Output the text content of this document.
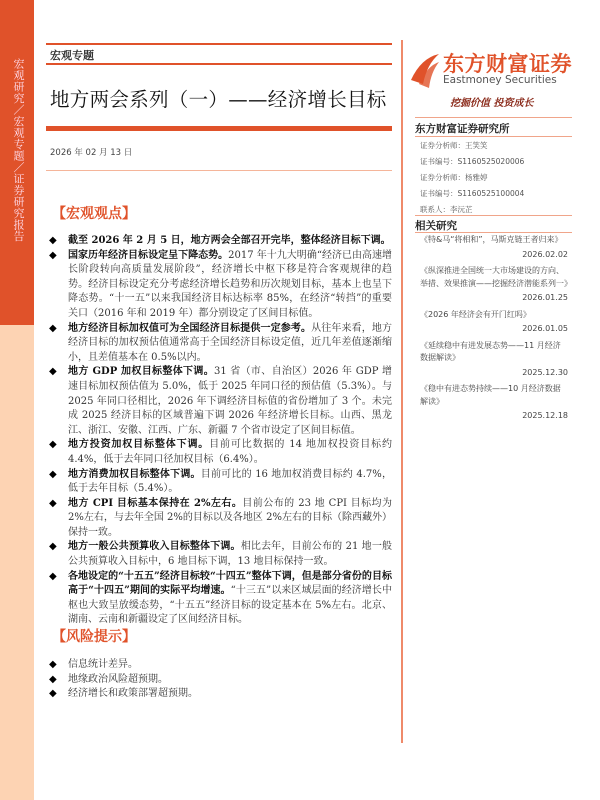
宏观研究／宏观专题／证券研究报告
宏观专题
地方两会系列（一）——经济增长目标
2026 年 02 月 13 日
【宏观观点】
◆ 截至 2026 年 2 月 5 日，地方两会全部召开完毕，整体经济目标下调。
◆ 国家历年经济目标设定呈下降态势。2017 年十九大明确“经济已由高速增长阶段转向高质量发展阶段”，经济增长中枢下移是符合客观规律的趋势。经济目标设定充分考虑经济增长趋势和历次规划目标，基本上也呈下降态势。“十一五”以来我国经济目标达标率 85%，在经济“转挡”的重要关口（2016 年和 2019 年）都分别设定了区间目标值。
◆ 地方经济目标加权值可为全国经济目标提供一定参考。从往年来看，地方经济目标的加权预估值通常高于全国经济目标设定值，近几年差值逐渐缩小，且差值基本在 0.5%以内。
◆ 地方 GDP 加权目标整体下调。31 省（市、自治区）2026 年 GDP 增速目标加权预估值为 5.0%，低于 2025 年同口径的预估值（5.3%）。与 2025 年同口径相比，2026 年下调经济目标值的省份增加了 3 个。未完成 2025 经济目标的区域普遍下调 2026 年经济增长目标。山西、黑龙江、浙江、安徽、江西、广东、新疆 7 个省市设定了区间目标值。
◆ 地方投资加权目标整体下调。目前可比数据的 14 地加权投资目标约 4.4%，低于去年同口径加权目标（6.4%）。
◆ 地方消费加权目标整体下调。目前可比的 16 地加权消费目标约 4.7%，低于去年目标（5.4%）。
◆ 地方 CPI 目标基本保持在 2%左右。目前公布的 23 地 CPI 目标均为 2%左右，与去年全国 2%的目标以及各地区 2%左右的目标（除西藏外）保持一致。
◆ 地方一般公共预算收入目标整体下调。相比去年，目前公布的 21 地一般公共预算收入目标中，6 地目标下调，13 地目标保持一致。
◆ 各地设定的“十五五”经济目标较“十四五”整体下调，但是部分省份的目标高于“十四五”期间的实际平均增速。“十三五”以来区域层面的经济增长中枢也大致呈放缓态势，“十五五”经济目标的设定基本在 5%左右。北京、湖南、云南和新疆设定了区间经济目标。
【风险提示】
◆ 信息统计差异。
◆ 地缘政治风险超预期。
◆ 经济增长和政策部署超预期。
东方财富证券
Eastmoney Securities
挖掘价值 投资成长
东方财富证券研究所
证券分析师：王笑笑
证书编号：S1160525020006
证券分析师：杨雅婷
证书编号：S1160525100004
联系人：李沅芷
相关研究
《特&马“将相和”，马斯克链王者归来》
2026.02.02
《纵深推进全国统一大市场建设的方向、举措、效果推演——挖掘经济潜能系列一》
2026.01.25
《2026 年经济会有开门红吗》
2026.01.05
《延续稳中有进发展态势——11 月经济数据解读》
2025.12.30
《稳中有进态势持续——10 月经济数据解读》
2025.12.18
